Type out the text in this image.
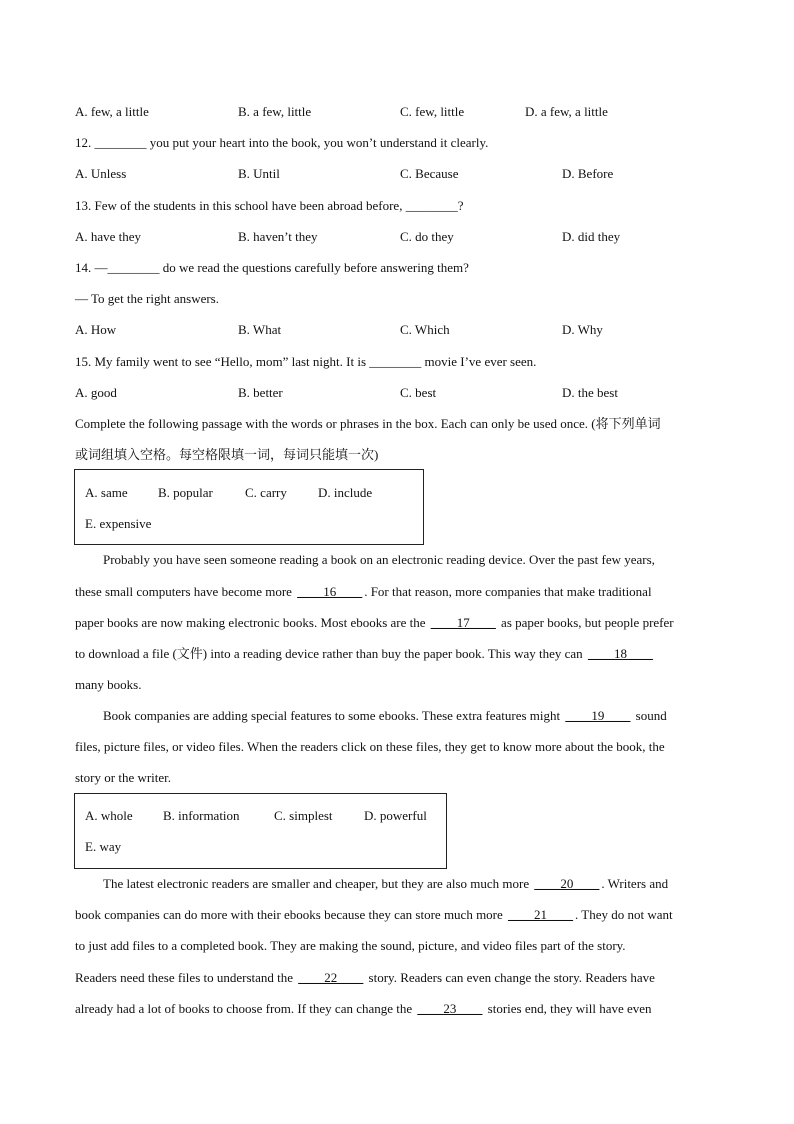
A. few, a little	B. a few, little	C. few, little	D. a few, a little
12. ________ you put your heart into the book, you won’t understand it clearly.
A. Unless	B. Until	C. Because	D. Before
13. Few of the students in this school have been abroad before, ________?
A. have they	B. haven’t they	C. do they	D. did they
14. —________ do we read the questions carefully before answering them?
— To get the right answers.
A. How	B. What	C. Which	D. Why
15. My family went to see “Hello, mom” last night. It is ________ movie I’ve ever seen.
A. good	B. better	C. best	D. the best
Complete the following passage with the words or phrases in the box. Each can only be used once. (将下列单词
或词组填入空格。每空格限填一词，每词只能填一次)
A. same B. popular C. carry D. include
E. expensive
Probably you have seen someone reading a book on an electronic reading device. Over the past few years,
these small computers have become more ____16____ . For that reason, more companies that make traditional
paper books are now making electronic books. Most ebooks are the ____17____ as paper books, but people prefer
to download a file (文件) into a reading device rather than buy the paper book. This way they can ____18____
many books.
Book companies are adding special features to some ebooks. These extra features might ____19____ sound
files, picture files, or video files. When the readers click on these files, they get to know more about the book, the
story or the writer.
A. whole B. information	C. simplest D. powerful
E. way
The latest electronic readers are smaller and cheaper, but they are also much more ____20____ . Writers and
book companies can do more with their ebooks because they can store much more ____21____ . They do not want
to just add files to a completed book. They are making the sound, picture, and video files part of the story.
Readers need these files to understand the ____22____ story. Readers can even change the story. Readers have
already had a lot of books to choose from. If they can change the ____23____ stories end, they will have even
